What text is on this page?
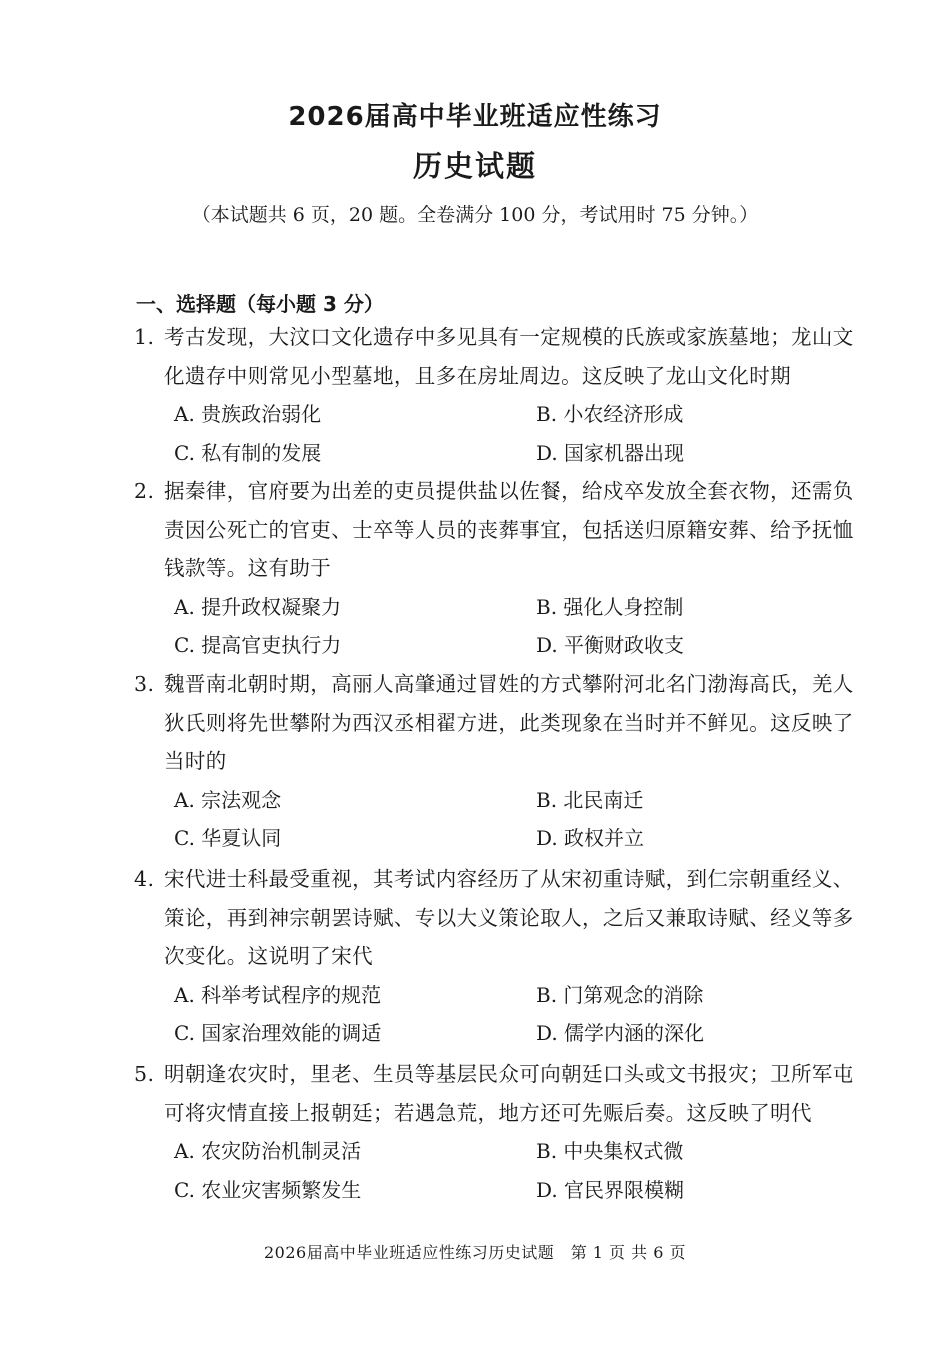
2026届高中毕业班适应性练习
历史试题
（本试题共 6 页，20 题。全卷满分 100 分，考试用时 75 分钟。）
一、选择题（每小题 3 分）
1. 考古发现，大汶口文化遗存中多见具有一定规模的氏族或家族墓地；龙山文化遗存中则常见小型墓地，且多在房址周边。这反映了龙山文化时期
A. 贵族政治弱化	B. 小农经济形成
C. 私有制的发展	D. 国家机器出现
2. 据秦律，官府要为出差的吏员提供盐以佐餐，给戍卒发放全套衣物，还需负责因公死亡的官吏、士卒等人员的丧葬事宜，包括送归原籍安葬、给予抚恤钱款等。这有助于
A. 提升政权凝聚力	B. 强化人身控制
C. 提高官吏执行力	D. 平衡财政收支
3. 魏晋南北朝时期，高丽人高肇通过冒姓的方式攀附河北名门渤海高氏，羌人狄氏则将先世攀附为西汉丞相翟方进，此类现象在当时并不鲜见。这反映了当时的
A. 宗法观念	B. 北民南迁
C. 华夏认同	D. 政权并立
4. 宋代进士科最受重视，其考试内容经历了从宋初重诗赋，到仁宗朝重经义、策论，再到神宗朝罢诗赋、专以大义策论取人，之后又兼取诗赋、经义等多次变化。这说明了宋代
A. 科举考试程序的规范	B. 门第观念的消除
C. 国家治理效能的调适	D. 儒学内涵的深化
5. 明朝逢农灾时，里老、生员等基层民众可向朝廷口头或文书报灾；卫所军屯可将灾情直接上报朝廷；若遇急荒，地方还可先赈后奏。这反映了明代
A. 农灾防治机制灵活	B. 中央集权式微
C. 农业灾害频繁发生	D. 官民界限模糊
2026届高中毕业班适应性练习历史试题　第 1 页 共 6 页
